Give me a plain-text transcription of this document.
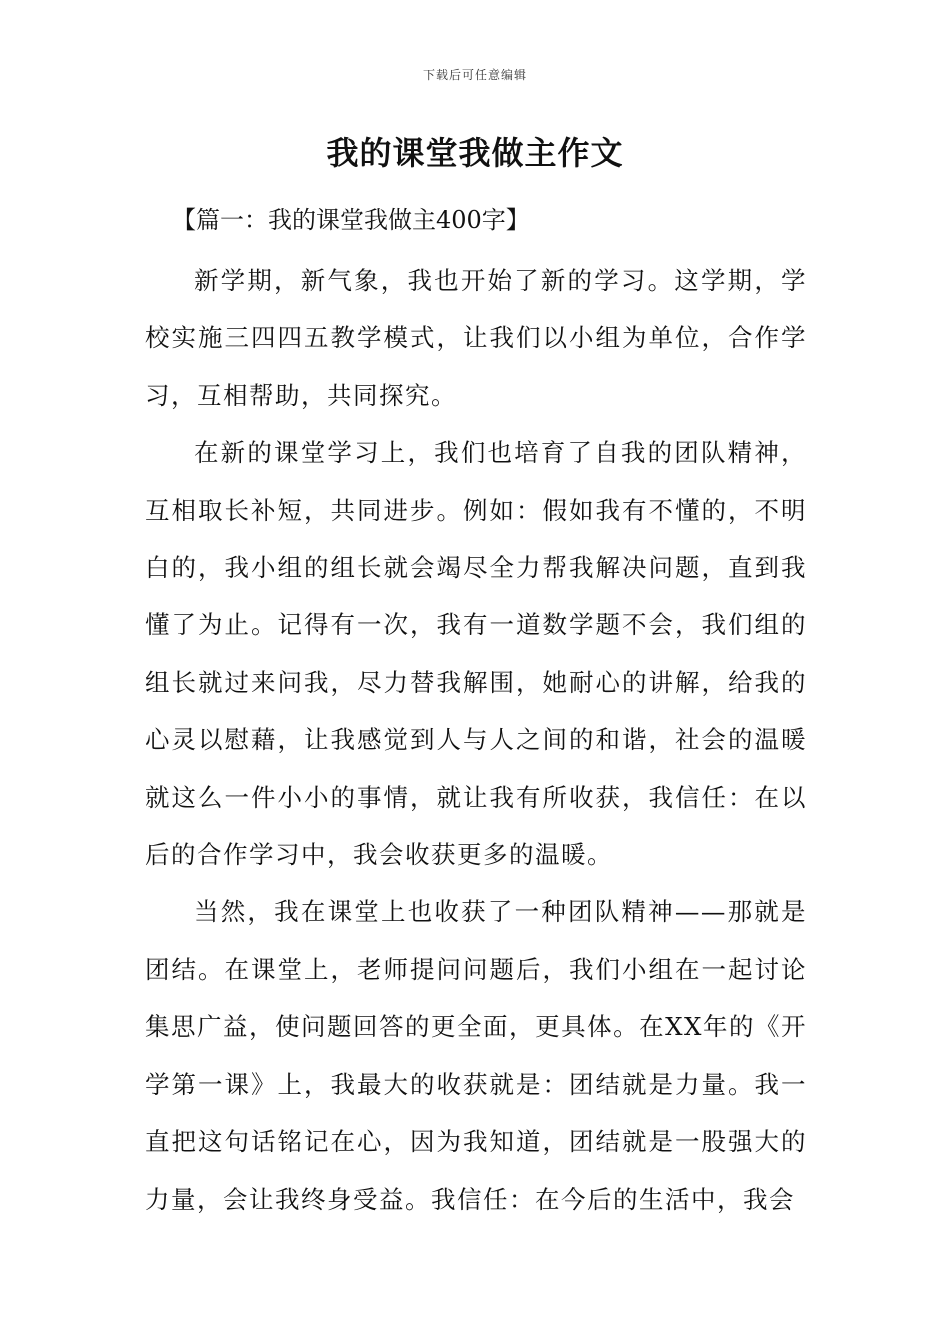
下载后可任意编辑
我的课堂我做主作文

【篇一：我的课堂我做主400字】

新学期，新气象，我也开始了新的学习。这学期，学校实施三四四五教学模式，让我们以小组为单位，合作学习，互相帮助，共同探究。

在新的课堂学习上，我们也培育了自我的团队精神，互相取长补短，共同进步。例如：假如我有不懂的，不明白的，我小组的组长就会竭尽全力帮我解决问题，直到我懂了为止。记得有一次，我有一道数学题不会，我们组的组长就过来问我，尽力替我解围，她耐心的讲解，给我的心灵以慰藉，让我感觉到人与人之间的和谐，社会的温暖就这么一件小小的事情，就让我有所收获，我信任：在以后的合作学习中，我会收获更多的温暖。

当然，我在课堂上也收获了一种团队精神——那就是团结。在课堂上，老师提问问题后，我们小组在一起讨论集思广益，使问题回答的更全面，更具体。在XX年的《开学第一课》上，我最大的收获就是：团结就是力量。我一直把这句话铭记在心，因为我知道，团结就是一股强大的力量，会让我终身受益。我信任：在今后的生活中，我会
